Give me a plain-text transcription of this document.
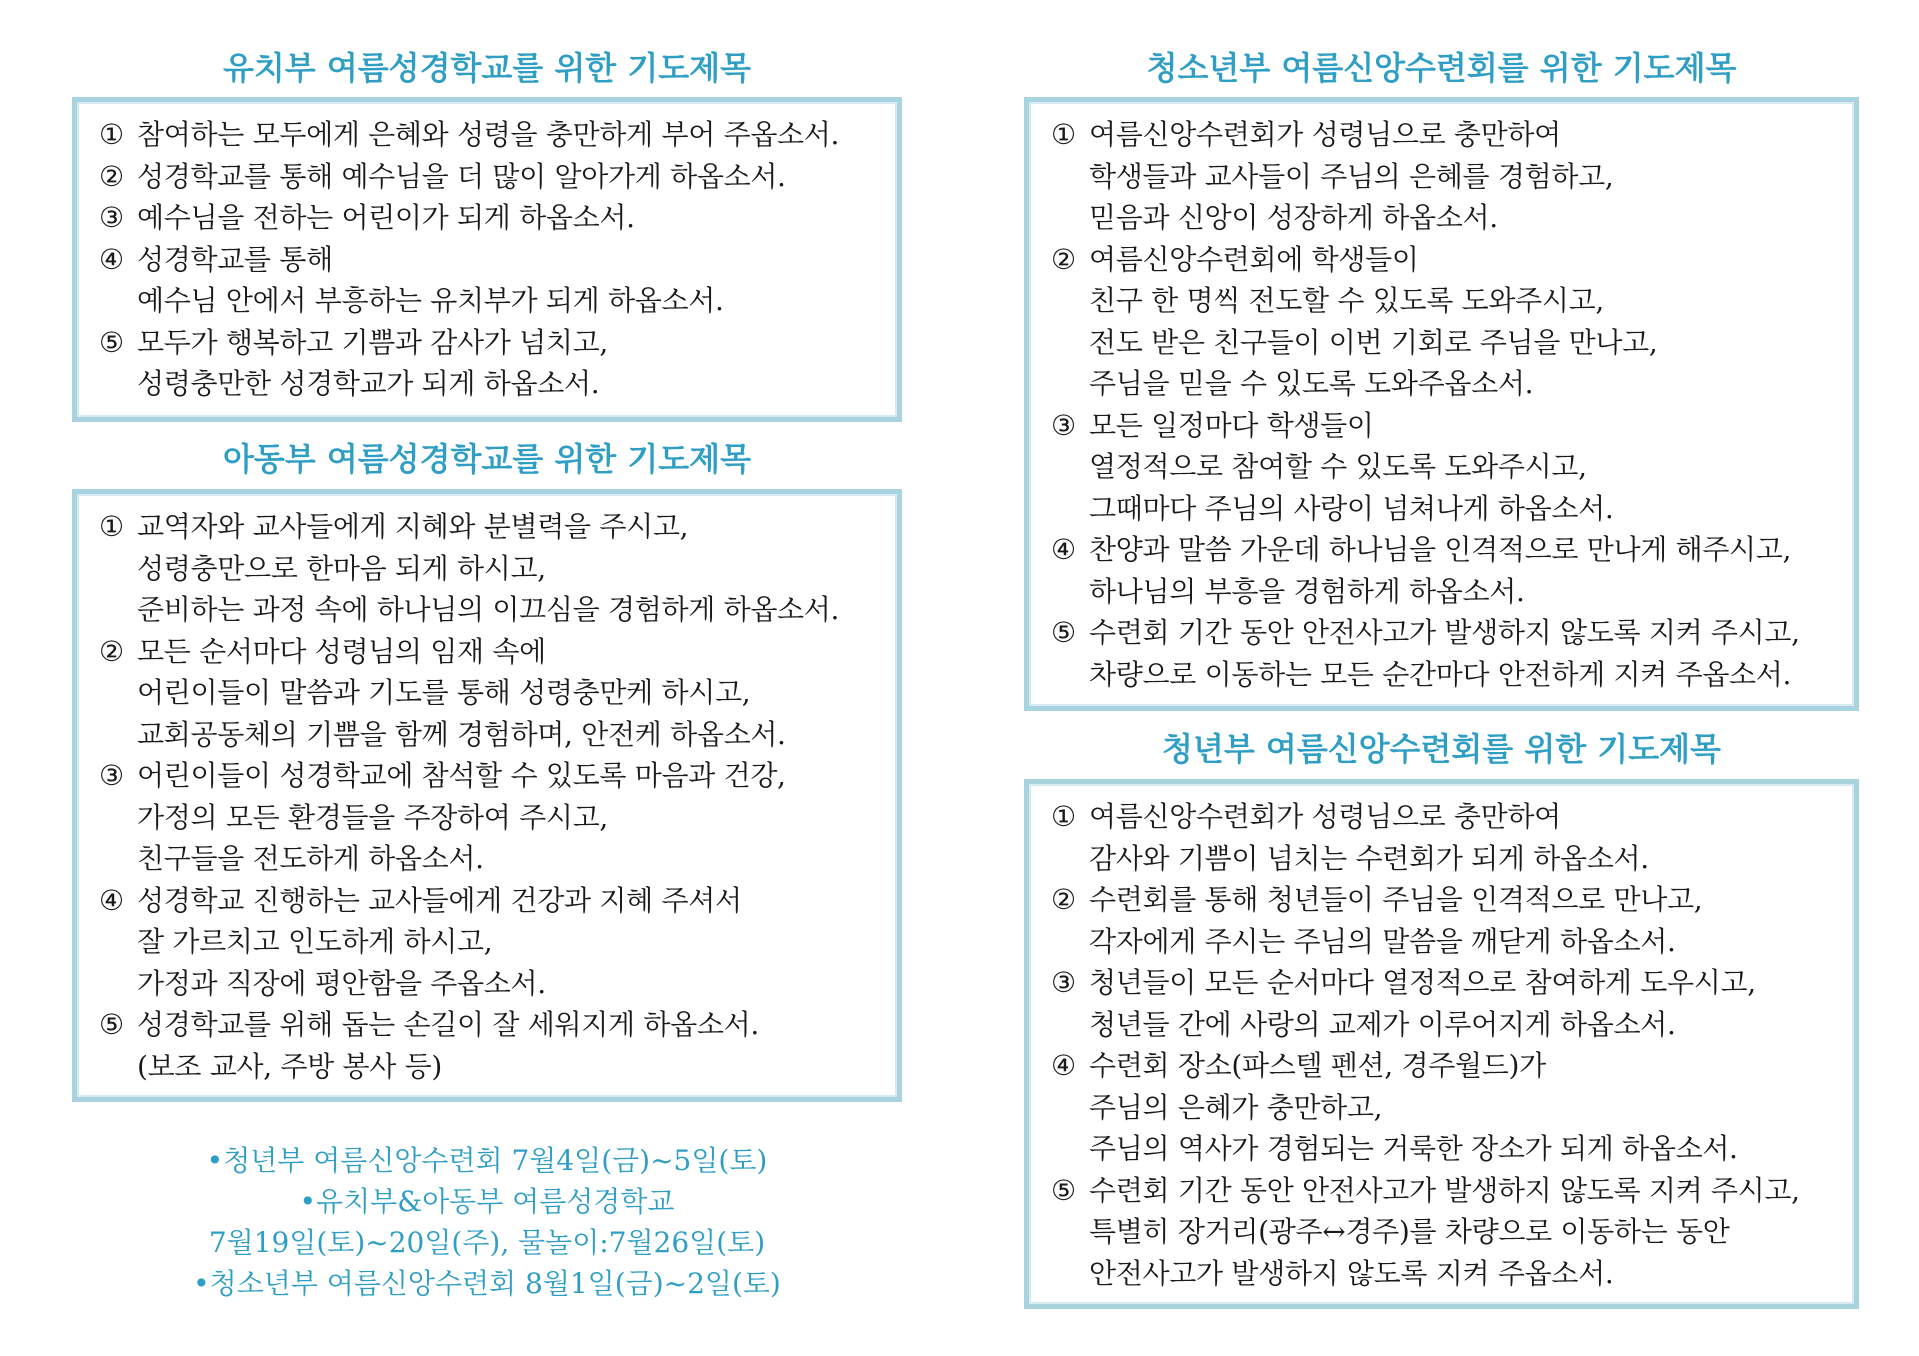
유치부 여름성경학교를 위한 기도제목
① 참여하는 모두에게 은혜와 성령을 충만하게 부어 주옵소서.
② 성경학교를 통해 예수님을 더 많이 알아가게 하옵소서.
③ 예수님을 전하는 어린이가 되게 하옵소서.
④ 성경학교를 통해
예수님 안에서 부흥하는 유치부가 되게 하옵소서.
⑤ 모두가 행복하고 기쁨과 감사가 넘치고,
성령충만한 성경학교가 되게 하옵소서.
아동부 여름성경학교를 위한 기도제목
① 교역자와 교사들에게 지혜와 분별력을 주시고,
성령충만으로 한마음 되게 하시고,
준비하는 과정 속에 하나님의 이끄심을 경험하게 하옵소서.
② 모든 순서마다 성령님의 임재 속에
어린이들이 말씀과 기도를 통해 성령충만케 하시고,
교회공동체의 기쁨을 함께 경험하며, 안전케 하옵소서.
③ 어린이들이 성경학교에 참석할 수 있도록 마음과 건강,
가정의 모든 환경들을 주장하여 주시고,
친구들을 전도하게 하옵소서.
④ 성경학교 진행하는 교사들에게 건강과 지혜 주셔서
잘 가르치고 인도하게 하시고,
가정과 직장에 평안함을 주옵소서.
⑤ 성경학교를 위해 돕는 손길이 잘 세워지게 하옵소서.
(보조 교사, 주방 봉사 등)
청소년부 여름신앙수련회를 위한 기도제목
① 여름신앙수련회가 성령님으로 충만하여
학생들과 교사들이 주님의 은혜를 경험하고,
믿음과 신앙이 성장하게 하옵소서.
② 여름신앙수련회에 학생들이
친구 한 명씩 전도할 수 있도록 도와주시고,
전도 받은 친구들이 이번 기회로 주님을 만나고,
주님을 믿을 수 있도록 도와주옵소서.
③ 모든 일정마다 학생들이
열정적으로 참여할 수 있도록 도와주시고,
그때마다 주님의 사랑이 넘쳐나게 하옵소서.
④ 찬양과 말씀 가운데 하나님을 인격적으로 만나게 해주시고,
하나님의 부흥을 경험하게 하옵소서.
⑤ 수련회 기간 동안 안전사고가 발생하지 않도록 지켜 주시고,
차량으로 이동하는 모든 순간마다 안전하게 지켜 주옵소서.
청년부 여름신앙수련회를 위한 기도제목
① 여름신앙수련회가 성령님으로 충만하여
감사와 기쁨이 넘치는 수련회가 되게 하옵소서.
② 수련회를 통해 청년들이 주님을 인격적으로 만나고,
각자에게 주시는 주님의 말씀을 깨닫게 하옵소서.
③ 청년들이 모든 순서마다 열정적으로 참여하게 도우시고,
청년들 간에 사랑의 교제가 이루어지게 하옵소서.
④ 수련회 장소(파스텔 펜션, 경주월드)가
주님의 은혜가 충만하고,
주님의 역사가 경험되는 거룩한 장소가 되게 하옵소서.
⑤ 수련회 기간 동안 안전사고가 발생하지 않도록 지켜 주시고,
특별히 장거리(광주↔경주)를 차량으로 이동하는 동안
안전사고가 발생하지 않도록 지켜 주옵소서.
•청년부 여름신앙수련회 7월4일(금)~5일(토)
•유치부&아동부 여름성경학교
7월19일(토)~20일(주), 물놀이:7월26일(토)
•청소년부 여름신앙수련회 8월1일(금)~2일(토)
